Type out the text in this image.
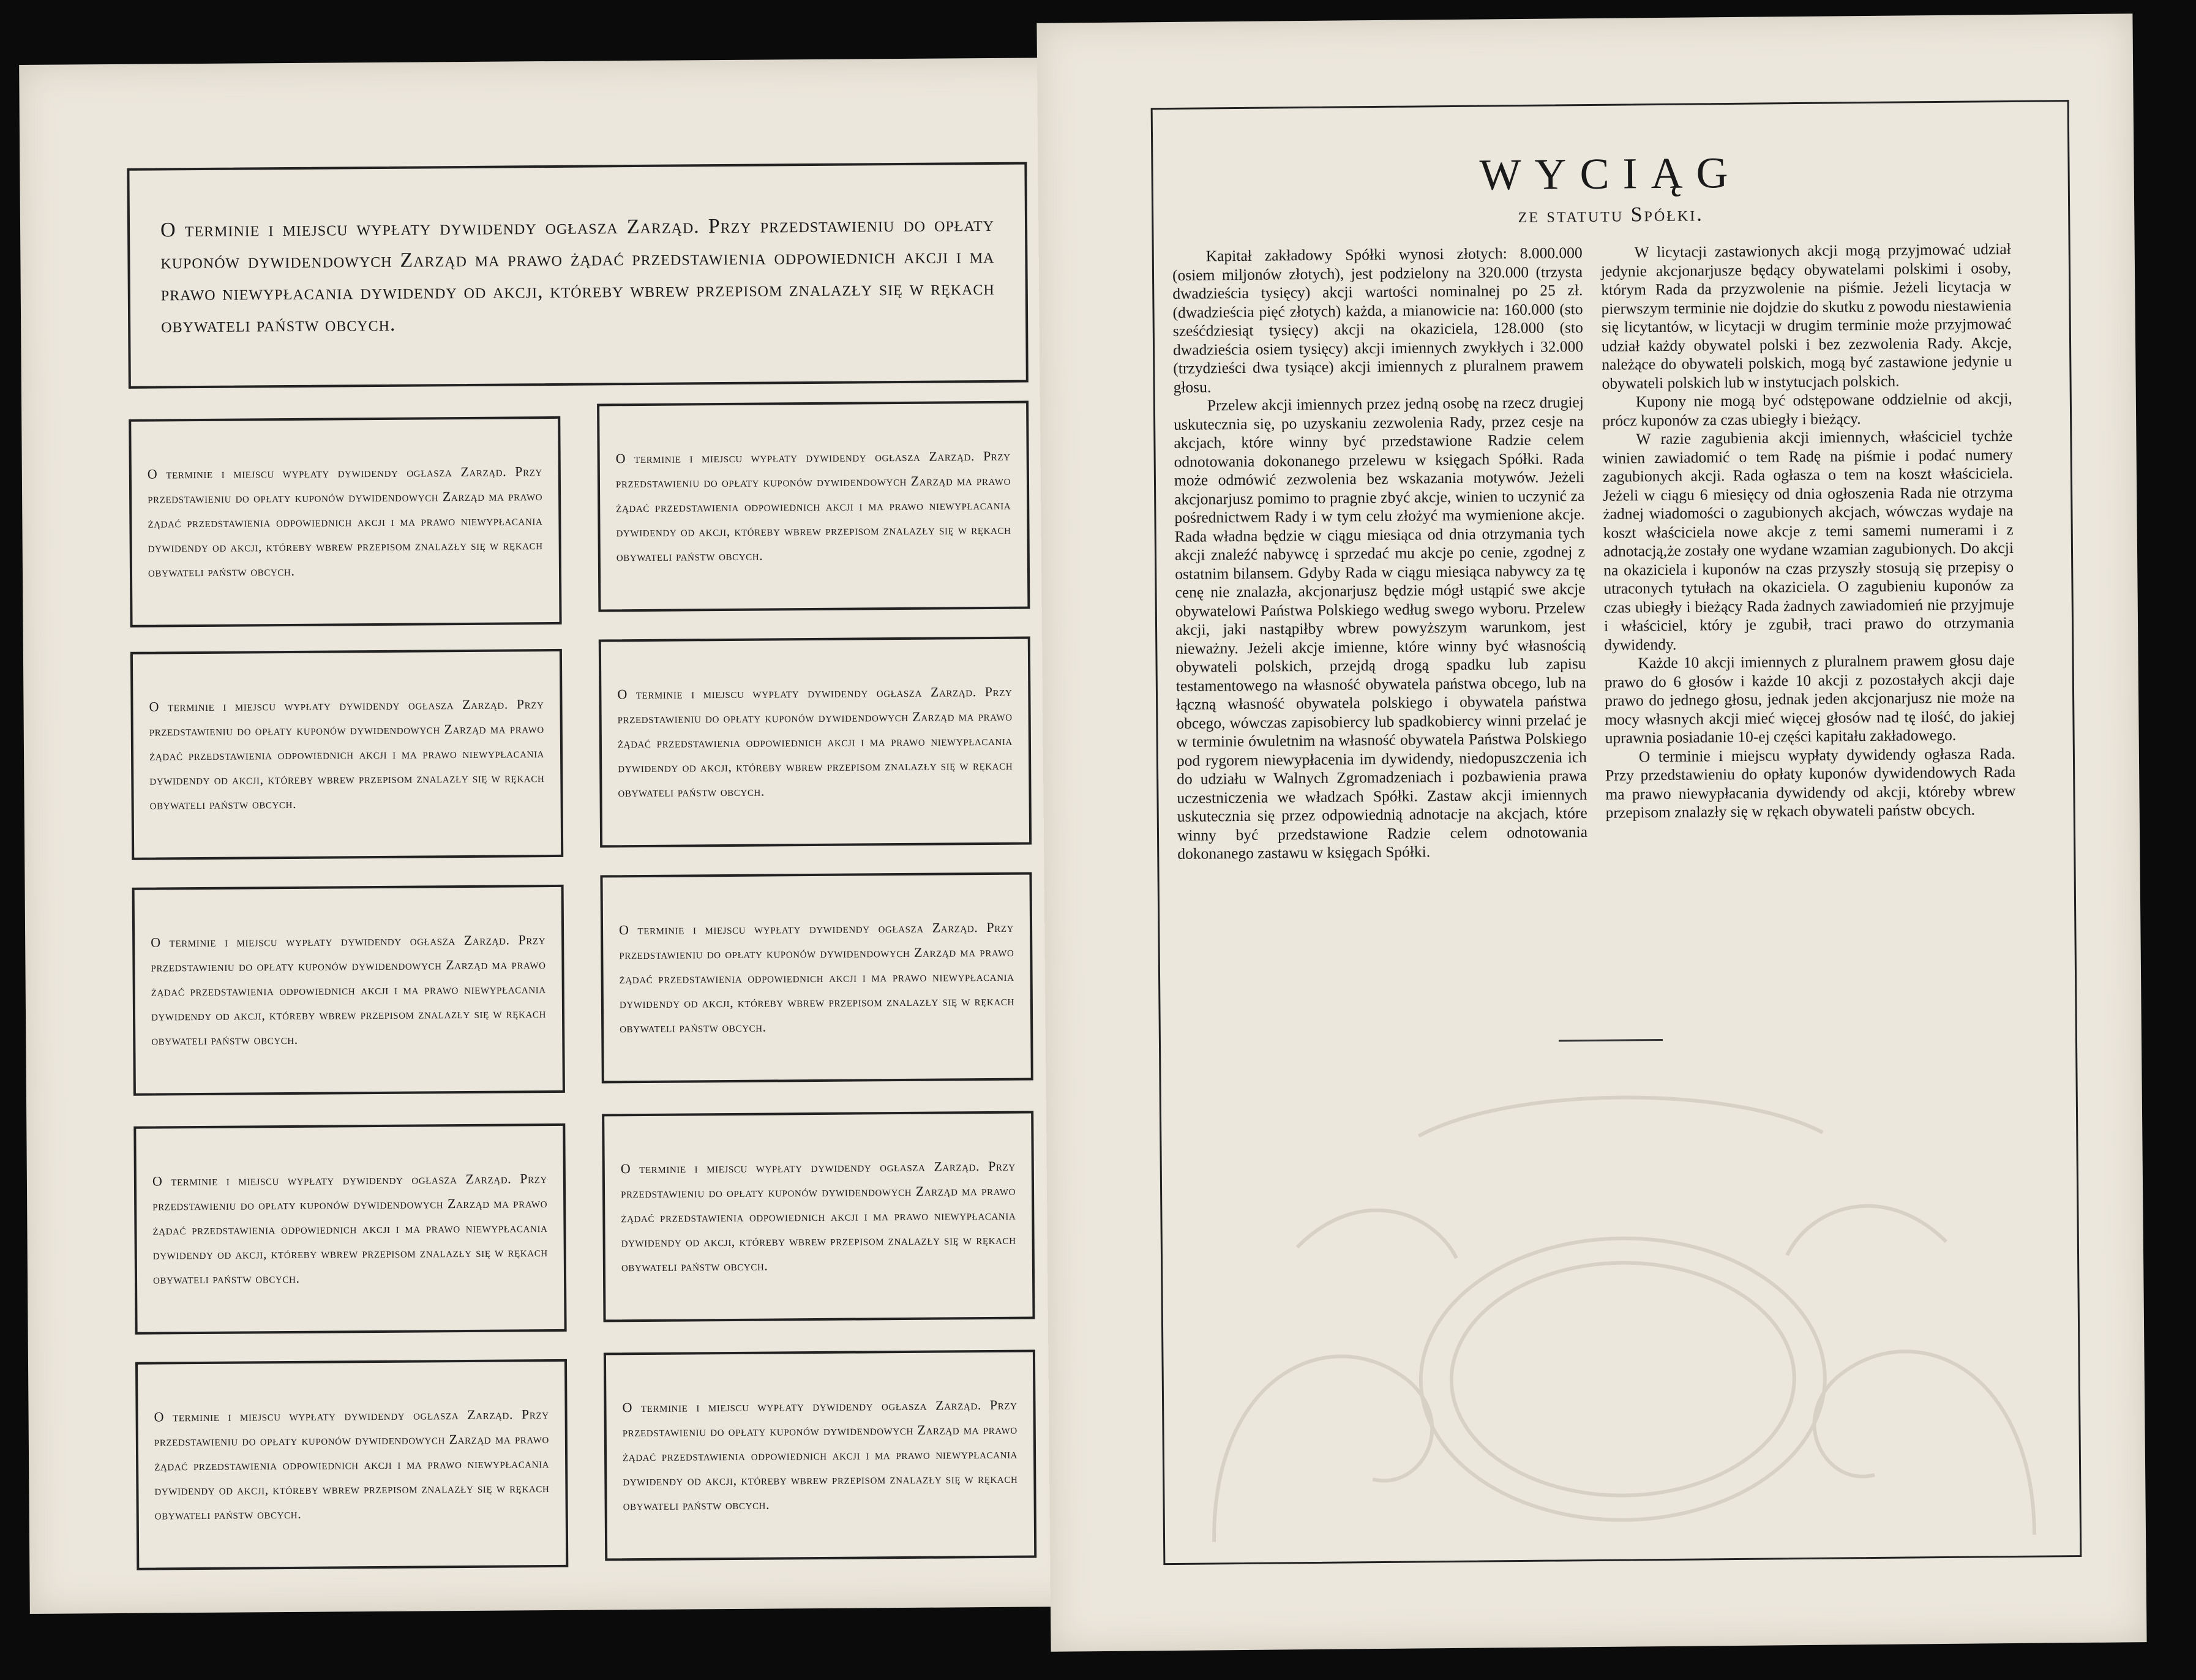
O terminie i miejscu wypłaty dywidendy ogłasza Zarząd. Przy przedstawieniu do opłaty kuponów dywidendowych Zarząd ma prawo żądać przedstawienia odpowiednich akcji i ma prawo niewypłacania dywidendy od akcji, któreby wbrew przepisom znalazły się w rękach obywateli państw obcych.

O terminie i miejscu wypłaty dywidendy ogłasza Zarząd. Przy przedstawieniu do opłaty kuponów dywidendowych Zarząd ma prawo żądać przedstawienia odpowiednich akcji i ma prawo niewypłacania dywidendy od akcji, któreby wbrew przepisom znalazły się w rękach obywateli państw obcych.

O terminie i miejscu wypłaty dywidendy ogłasza Zarząd. Przy przedstawieniu do opłaty kuponów dywidendowych Zarząd ma prawo żądać przedstawienia odpowiednich akcji i ma prawo niewypłacania dywidendy od akcji, któreby wbrew przepisom znalazły się w rękach obywateli państw obcych.

O terminie i miejscu wypłaty dywidendy ogłasza Zarząd. Przy przedstawieniu do opłaty kuponów dywidendowych Zarząd ma prawo żądać przedstawienia odpowiednich akcji i ma prawo niewypłacania dywidendy od akcji, któreby wbrew przepisom znalazły się w rękach obywateli państw obcych.

O terminie i miejscu wypłaty dywidendy ogłasza Zarząd. Przy przedstawieniu do opłaty kuponów dywidendowych Zarząd ma prawo żądać przedstawienia odpowiednich akcji i ma prawo niewypłacania dywidendy od akcji, któreby wbrew przepisom znalazły się w rękach obywateli państw obcych.

O terminie i miejscu wypłaty dywidendy ogłasza Zarząd. Przy przedstawieniu do opłaty kuponów dywidendowych Zarząd ma prawo żądać przedstawienia odpowiednich akcji i ma prawo niewypłacania dywidendy od akcji, któreby wbrew przepisom znalazły się w rękach obywateli państw obcych.

O terminie i miejscu wypłaty dywidendy ogłasza Zarząd. Przy przedstawieniu do opłaty kuponów dywidendowych Zarząd ma prawo żądać przedstawienia odpowiednich akcji i ma prawo niewypłacania dywidendy od akcji, któreby wbrew przepisom znalazły się w rękach obywateli państw obcych.

O terminie i miejscu wypłaty dywidendy ogłasza Zarząd. Przy przedstawieniu do opłaty kuponów dywidendowych Zarząd ma prawo żądać przedstawienia odpowiednich akcji i ma prawo niewypłacania dywidendy od akcji, któreby wbrew przepisom znalazły się w rękach obywateli państw obcych.

O terminie i miejscu wypłaty dywidendy ogłasza Zarząd. Przy przedstawieniu do opłaty kuponów dywidendowych Zarząd ma prawo żądać przedstawienia odpowiednich akcji i ma prawo niewypłacania dywidendy od akcji, któreby wbrew przepisom znalazły się w rękach obywateli państw obcych.

O terminie i miejscu wypłaty dywidendy ogłasza Zarząd. Przy przedstawieniu do opłaty kuponów dywidendowych Zarząd ma prawo żądać przedstawienia odpowiednich akcji i ma prawo niewypłacania dywidendy od akcji, któreby wbrew przepisom znalazły się w rękach obywateli państw obcych.

O terminie i miejscu wypłaty dywidendy ogłasza Zarząd. Przy przedstawieniu do opłaty kuponów dywidendowych Zarząd ma prawo żądać przedstawienia odpowiednich akcji i ma prawo niewypłacania dywidendy od akcji, któreby wbrew przepisom znalazły się w rękach obywateli państw obcych.

WYCIĄG
ze statutu Spółki.

Kapitał zakładowy Spółki wynosi złotych: 8.000.000 (osiem miljonów złotych), jest podzielony na 320.000 (trzysta dwadzieścia tysięcy) akcji wartości nominalnej po 25 zł. (dwadzieścia pięć złotych) każda, a mianowicie na: 160.000 (sto sześćdziesiąt tysięcy) akcji na okaziciela, 128.000 (sto dwadzieścia osiem tysięcy) akcji imiennych zwykłych i 32.000 (trzydzieści dwa tysiące) akcji imiennych z pluralnem prawem głosu.

Przelew akcji imiennych przez jedną osobę na rzecz drugiej uskutecznia się, po uzyskaniu zezwolenia Rady, przez cesje na akcjach, które winny być przedstawione Radzie celem odnotowania dokonanego przelewu w księgach Spółki. Rada może odmówić zezwolenia bez wskazania motywów. Jeżeli akcjonarjusz pomimo to pragnie zbyć akcje, winien to uczynić za pośrednictwem Rady i w tym celu złożyć ma wymienione akcje. Rada władna będzie w ciągu miesiąca od dnia otrzymania tych akcji znaleźć nabywcę i sprzedać mu akcje po cenie, zgodnej z ostatnim bilansem. Gdyby Rada w ciągu miesiąca nabywcy za tę cenę nie znalazła, akcjonarjusz będzie mógł ustąpić swe akcje obywatelowi Państwa Polskiego według swego wyboru. Przelew akcji, jaki nastąpiłby wbrew powyższym warunkom, jest nieważny. Jeżeli akcje imienne, które winny być własnością obywateli polskich, przejdą drogą spadku lub zapisu testamentowego na własność obywatela państwa obcego, lub na łączną własność obywatela polskiego i obywatela państwa obcego, wówczas zapisobiercy lub spadkobiercy winni przelać je w terminie ówuletnim na własność obywatela Państwa Polskiego pod rygorem niewypłacenia im dywidendy, niedopuszczenia ich do udziału w Walnych Zgromadzeniach i pozbawienia prawa uczestniczenia we władzach Spółki. Zastaw akcji imiennych uskutecznia się przez odpowiednią adnotacje na akcjach, które winny być przedstawione Radzie celem odnotowania dokonanego zastawu w księgach Spółki.

W licytacji zastawionych akcji mogą przyjmować udział jedynie akcjonarjusze będący obywatelami polskimi i osoby, którym Rada da przyzwolenie na piśmie. Jeżeli licytacja w pierwszym terminie nie dojdzie do skutku z powodu niestawienia się licytantów, w licytacji w drugim terminie może przyjmować udział każdy obywatel polski i bez zezwolenia Rady. Akcje, należące do obywateli polskich, mogą być zastawione jedynie u obywateli polskich lub w instytucjach polskich.

Kupony nie mogą być odstępowane oddzielnie od akcji, prócz kuponów za czas ubiegły i bieżący.

W razie zagubienia akcji imiennych, właściciel tychże winien zawiadomić o tem Radę na piśmie i podać numery zagubionych akcji. Rada ogłasza o tem na koszt właściciela. Jeżeli w ciągu 6 miesięcy od dnia ogłoszenia Rada nie otrzyma żadnej wiadomości o zagubionych akcjach, wówczas wydaje na koszt właściciela nowe akcje z temi samemi numerami i z adnotacją,że zostały one wydane wzamian zagubionych. Do akcji na okaziciela i kuponów na czas przyszły stosują się przepisy o utraconych tytułach na okaziciela. O zagubieniu kuponów za czas ubiegły i bieżący Rada żadnych zawiadomień nie przyjmuje i właściciel, który je zgubił, traci prawo do otrzymania dywidendy.

Każde 10 akcji imiennych z pluralnem prawem głosu daje prawo do 6 głosów i każde 10 akcji z pozostałych akcji daje prawo do jednego głosu, jednak jeden akcjonarjusz nie może na mocy własnych akcji mieć więcej głosów nad tę ilość, do jakiej uprawnia posiadanie 10-ej części kapitału zakładowego.

O terminie i miejscu wypłaty dywidendy ogłasza Rada. Przy przedstawieniu do opłaty kuponów dywidendowych Rada ma prawo niewypłacania dywidendy od akcji, któreby wbrew przepisom znalazły się w rękach obywateli państw obcych.
